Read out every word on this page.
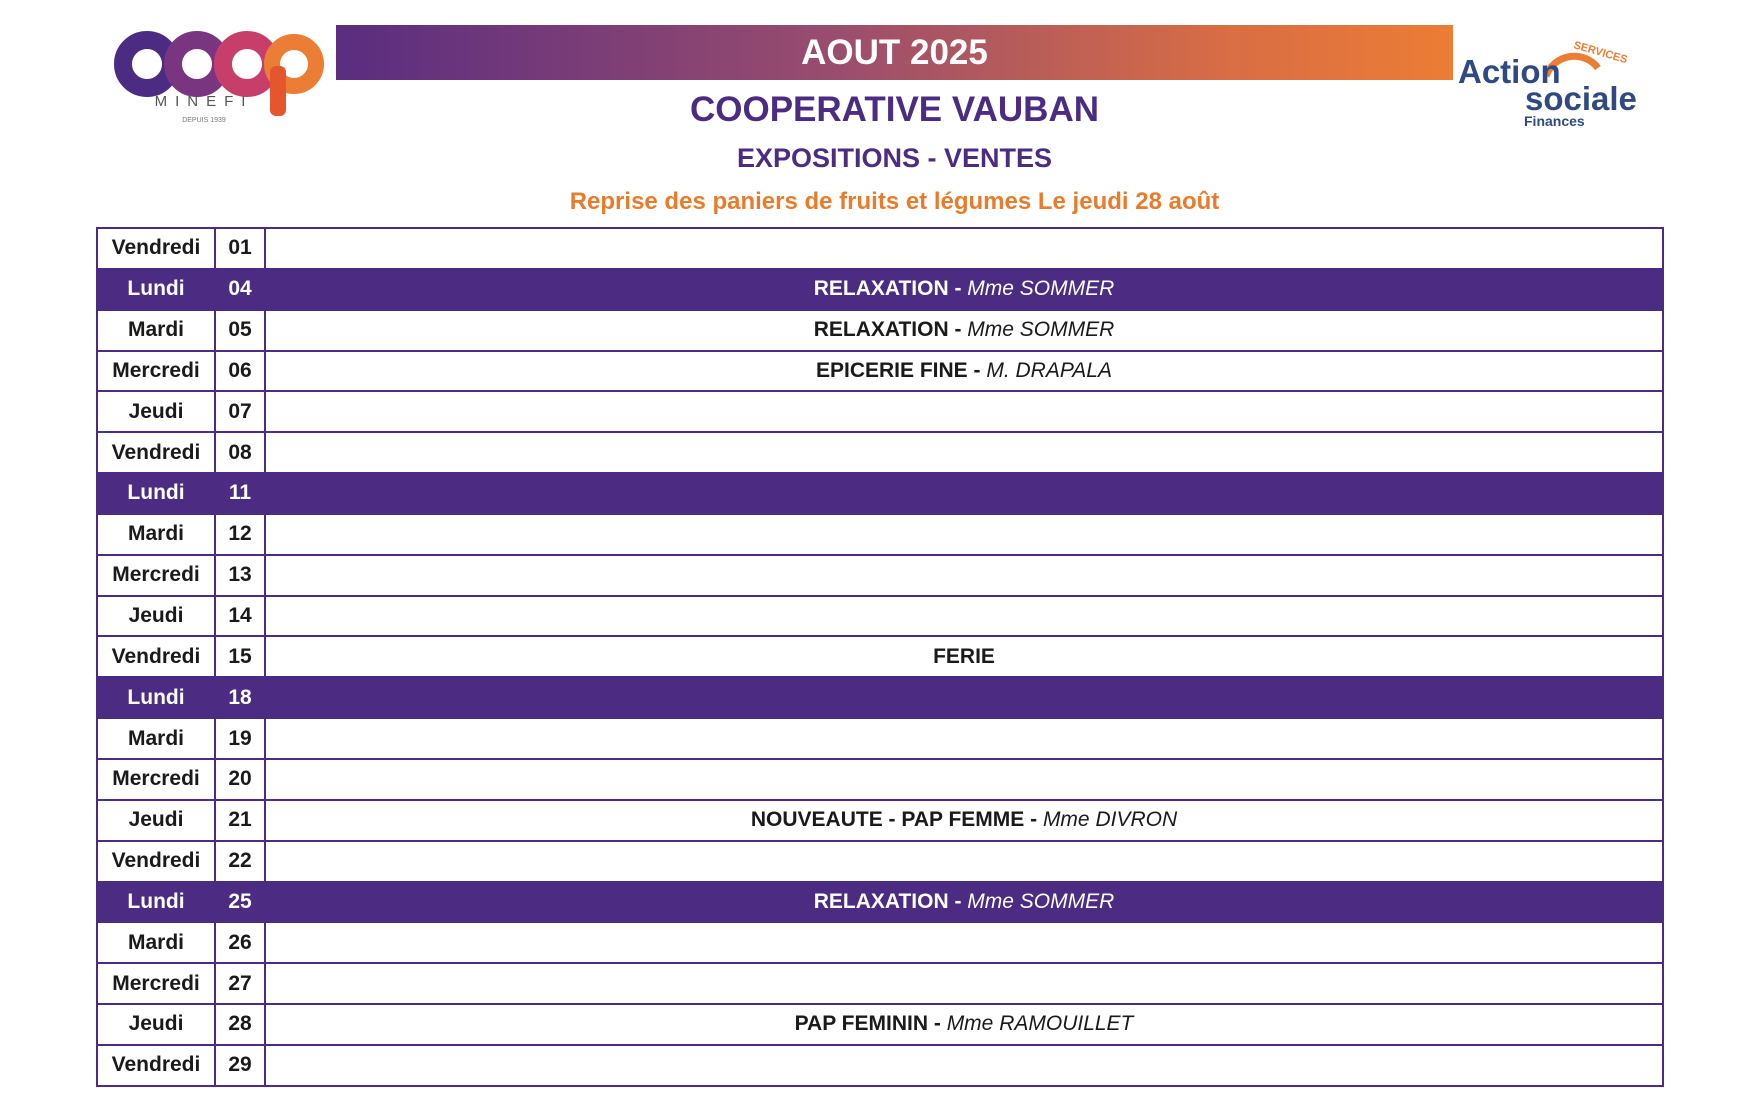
MINEFI
DEPUIS 1939
SERVICES
Action
sociale
Finances
AOUT 2025
COOPERATIVE VAUBAN
EXPOSITIONS - VENTES
Reprise des paniers de fruits et légumes Le jeudi 28 août
Vendredi	01	
Lundi	04	RELAXATION - Mme SOMMER
Mardi	05	RELAXATION - Mme SOMMER
Mercredi	06	EPICERIE FINE - M. DRAPALA
Jeudi	07	
Vendredi	08	
Lundi	11	
Mardi	12	
Mercredi	13	
Jeudi	14	
Vendredi	15	FERIE
Lundi	18	
Mardi	19	
Mercredi	20	
Jeudi	21	NOUVEAUTE - PAP FEMME - Mme DIVRON
Vendredi	22	
Lundi	25	RELAXATION - Mme SOMMER
Mardi	26	
Mercredi	27	
Jeudi	28	PAP FEMININ - Mme RAMOUILLET
Vendredi	29	
